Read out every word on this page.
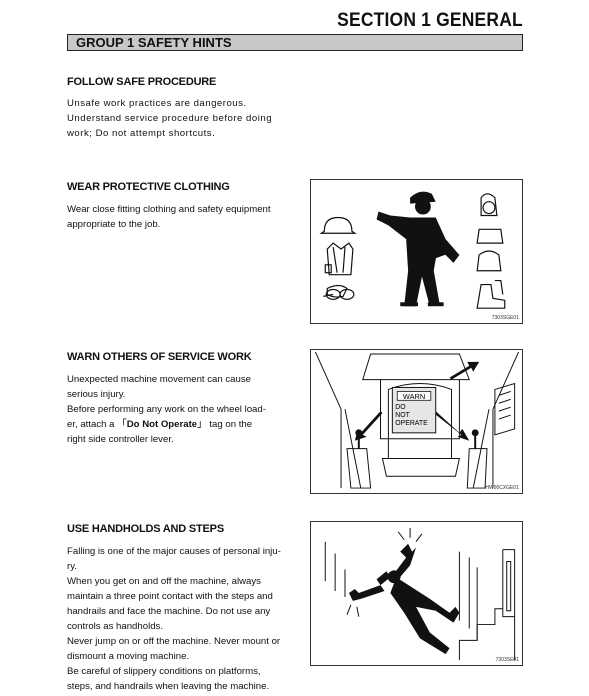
SECTION 1 GENERAL
GROUP 1 SAFETY HINTS
FOLLOW SAFE PROCEDURE
Unsafe work practices are dangerous.
Understand service procedure before doing
work; Do not attempt shortcuts.
WEAR PROTECTIVE CLOTHING
Wear close fitting clothing and safety equipment
appropriate to the job.
7303SGE01
WARN OTHERS OF SERVICE WORK
Unexpected machine movement can cause
serious injury.
Before performing any work on the wheel load-
er, attach a 「Do Not Operate」 tag on the
right side controller lever.
WARN
DO
NOT
OPERATE
HW90CXGE01
USE HANDHOLDS AND STEPS
Falling is one of the major causes of personal inju-
ry.
When you get on and off the machine, always
maintain a three point contact with the steps and
handrails and face the machine. Do not use any
controls as handholds.
Never jump on or off the machine. Never mount or
dismount a moving machine.
Be careful of slippery conditions on platforms,
steps, and handrails when leaving the machine.
7303SE01
